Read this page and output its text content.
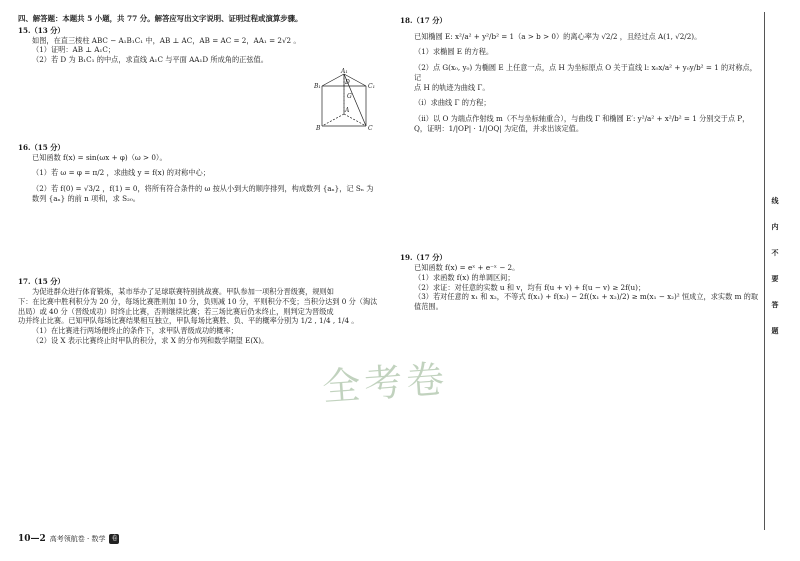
四、解答题：本题共 5 小题，共 77 分。解答应写出文字说明、证明过程或演算步骤。
15.（13 分）

如图，在直三棱柱 ABC − A₁B₁C₁ 中，AB ⊥ AC，AB = AC = 2，AA₁ = 2√2 。

（1）证明：AB ⊥ A₁C；

（2）若 D 为 B₁C₁ 的中点，求直线 A₁C 与平面 AA₁D 所成角的正弦值。

16.（15 分）

已知函数 f(x) = sin(ωx + φ)（ω > 0）。

（1）若 ω = φ = π/2 ，求曲线 y = f(x) 的对称中心；

（2）若 f(0) = √3/2 ，f(1) = 0，将所有符合条件的 ω 按从小到大的顺序排列，构成数列 {aₙ}，记 Sₙ 为

数列 {aₙ} 的前 n 项和，求 S₂₀。

17.（15 分）

为促进群众进行体育锻炼，某市举办了足球联赛特别挑战赛。甲队参加一项积分晋级赛，规则如

下：在比赛中胜利积分为 20 分，每场比赛胜则加 10 分，负则减 10 分，平则积分不变；当积分达到 0 分（淘汰

出局）或 40 分（晋级成功）时终止比赛，否则继续比赛；若三场比赛后仍未终止，则判定为晋级成

功并终止比赛。已知甲队每场比赛结果相互独立，甲队每场比赛胜、负、平的概率分别为 1/2 , 1/4 , 1/4 。

（1）在比赛进行两场便终止的条件下，求甲队晋级成功的概率；

（2）设 X 表示比赛终止时甲队的积分，求 X 的分布列和数学期望 E(X)。

A₁
B₁	C₁
D
G
A
B	C
18.（17 分）

已知椭圆 E: x²/a² + y²/b² = 1（a > b > 0）的离心率为 √2/2 ，且经过点 A(1, √2/2)。

（1）求椭圆 E 的方程。

（2）点 G(x₀, y₀) 为椭圆 E 上任意一点，点 H 为坐标原点 O 关于直线 l: x₀x/a² + y₀y/b² = 1 的对称点，记

点 H 的轨迹为曲线 Γ。

（i）求曲线 Γ 的方程；

（ii）以 O 为端点作射线 m（不与坐标轴重合），与曲线 Γ 和椭圆 E′: y²/a² + x²/b² = 1 分别交于点 P，

Q，证明：1/|OP| · 1/|OQ| 为定值，并求出该定值。

19.（17 分）

已知函数 f(x) = eˣ + e⁻ˣ − 2。

（1）求函数 f(x) 的单调区间；

（2）求证：对任意的实数 u 和 v，均有 f(u + v) + f(u − v) ≥ 2f(u)；

（3）若对任意的 x₁ 和 x₂，不等式 f(x₁) + f(x₂) − 2f((x₁ + x₂)/2) ≥ m(x₁ − x₂)² 恒成立，求实数 m 的取

值范围。

线
内
不
要
答
题
全考卷
10—2 高考领航卷 · 数学 卷
